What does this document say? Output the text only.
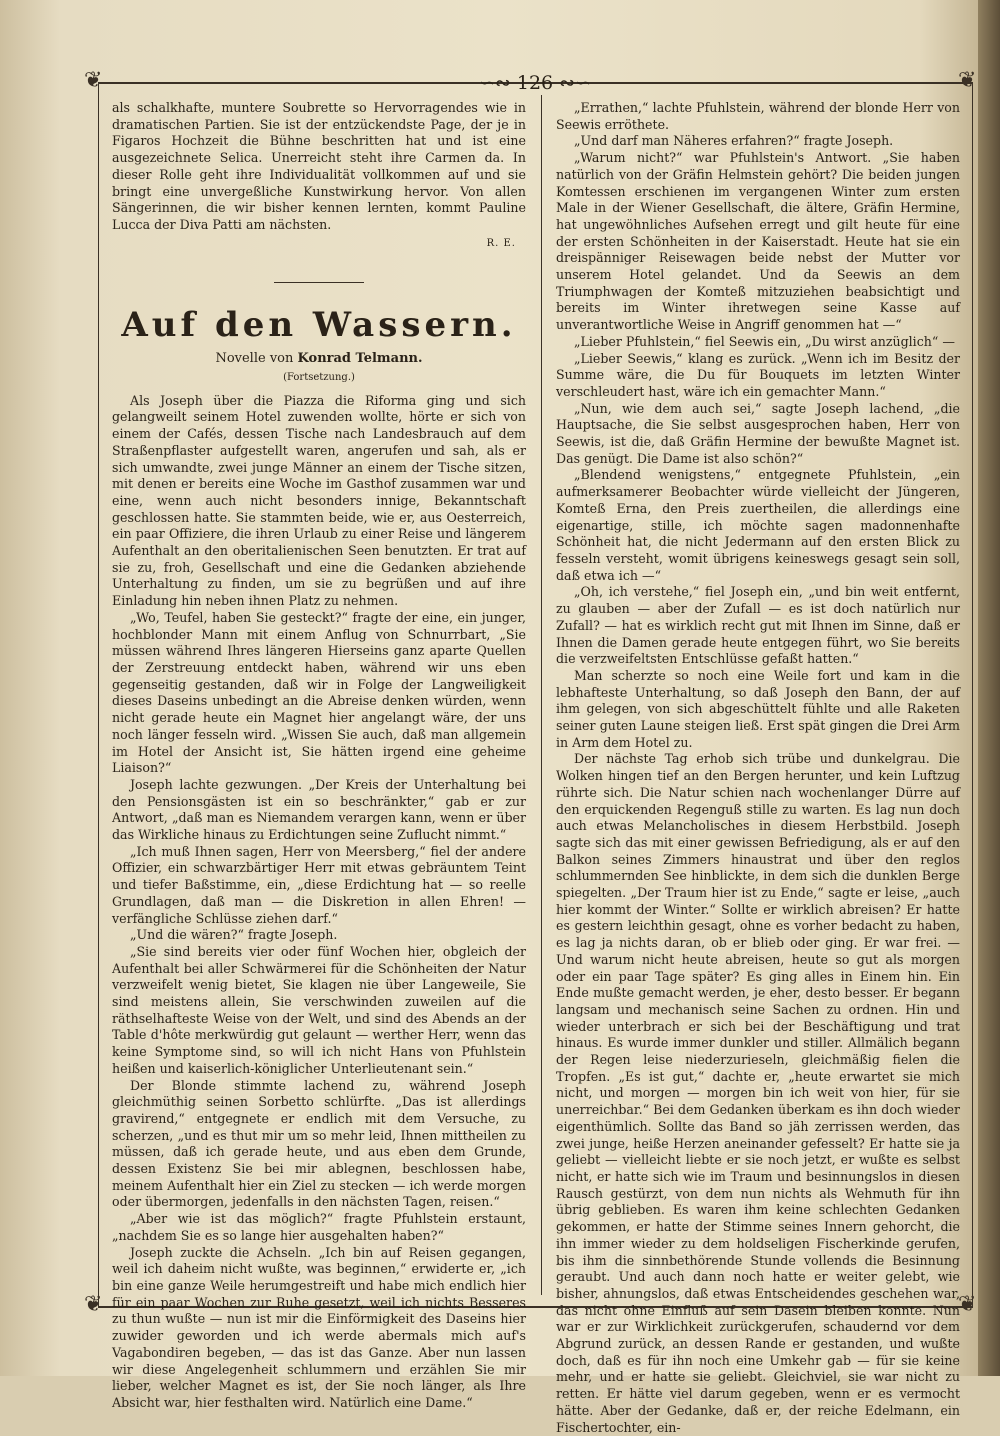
❦	❦
❦	❦
∽∾ 126 ∾∽

als schalkhafte, muntere Soubrette so Hervorragendes wie in dramatischen Partien. Sie ist der entzückendste Page, der je in Figaros Hochzeit die Bühne beschritten hat und ist eine ausgezeichnete Selica. Unerreicht steht ihre Carmen da. In dieser Rolle geht ihre Individualität vollkommen auf und sie bringt eine unvergeßliche Kunstwirkung hervor. Von allen Sängerinnen, die wir bisher kennen lernten, kommt Pauline Lucca der Diva Patti am nächsten.

R. E.
Auf den Wassern.
Novelle von Konrad Telmann.
(Fortsetzung.)

Als Joseph über die Piazza die Riforma ging und sich gelangweilt seinem Hotel zuwenden wollte, hörte er sich von einem der Cafés, dessen Tische nach Landesbrauch auf dem Straßenpflaster aufgestellt waren, angerufen und sah, als er sich umwandte, zwei junge Männer an einem der Tische sitzen, mit denen er bereits eine Woche im Gasthof zusammen war und eine, wenn auch nicht besonders innige, Bekanntschaft geschlossen hatte. Sie stammten beide, wie er, aus Oesterreich, ein paar Offiziere, die ihren Urlaub zu einer Reise und längerem Aufenthalt an den oberitalienischen Seen benutzten. Er trat auf sie zu, froh, Gesellschaft und eine die Gedanken abziehende Unterhaltung zu finden, um sie zu begrüßen und auf ihre Einladung hin neben ihnen Platz zu nehmen.

„Wo, Teufel, haben Sie gesteckt?“ fragte der eine, ein junger, hochblonder Mann mit einem Anflug von Schnurrbart, „Sie müssen während Ihres längeren Hierseins ganz aparte Quellen der Zerstreuung entdeckt haben, während wir uns eben gegenseitig gestanden, daß wir in Folge der Langweiligkeit dieses Daseins unbedingt an die Abreise denken würden, wenn nicht gerade heute ein Magnet hier angelangt wäre, der uns noch länger fesseln wird. „Wissen Sie auch, daß man allgemein im Hotel der Ansicht ist, Sie hätten irgend eine geheime Liaison?“

Joseph lachte gezwungen. „Der Kreis der Unterhaltung bei den Pensionsgästen ist ein so beschränkter,“ gab er zur Antwort, „daß man es Niemandem verargen kann, wenn er über das Wirkliche hinaus zu Erdichtungen seine Zuflucht nimmt.“

„Ich muß Ihnen sagen, Herr von Meersberg,“ fiel der andere Offizier, ein schwarzbärtiger Herr mit etwas gebräuntem Teint und tiefer Baßstimme, ein, „diese Erdichtung hat — so reelle Grundlagen, daß man — die Diskretion in allen Ehren! — verfängliche Schlüsse ziehen darf.“

„Und die wären?“ fragte Joseph.

„Sie sind bereits vier oder fünf Wochen hier, obgleich der Aufenthalt bei aller Schwärmerei für die Schönheiten der Natur verzweifelt wenig bietet, Sie klagen nie über Langeweile, Sie sind meistens allein, Sie verschwinden zuweilen auf die räthselhafteste Weise von der Welt, und sind des Abends an der Table d'hôte merkwürdig gut gelaunt — werther Herr, wenn das keine Symptome sind, so will ich nicht Hans von Pfuhlstein heißen und kaiserlich-königlicher Unterlieutenant sein.“

Der Blonde stimmte lachend zu, während Joseph gleichmüthig seinen Sorbetto schlürfte. „Das ist allerdings gravirend,“ entgegnete er endlich mit dem Versuche, zu scherzen, „und es thut mir um so mehr leid, Ihnen mittheilen zu müssen, daß ich gerade heute, und aus eben dem Grunde, dessen Existenz Sie bei mir ablegnen, beschlossen habe, meinem Aufenthalt hier ein Ziel zu stecken — ich werde morgen oder übermorgen, jedenfalls in den nächsten Tagen, reisen.“

„Aber wie ist das möglich?“ fragte Pfuhlstein erstaunt, „nachdem Sie es so lange hier ausgehalten haben?“

Joseph zuckte die Achseln. „Ich bin auf Reisen gegangen, weil ich daheim nicht wußte, was beginnen,“ erwiderte er, „ich bin eine ganze Weile herumgestreift und habe mich endlich hier für ein paar Wochen zur Ruhe gesetzt, weil ich nichts Besseres zu thun wußte — nun ist mir die Einförmigkeit des Daseins hier zuwider geworden und ich werde abermals mich auf's Vagabondiren begeben, — das ist das Ganze. Aber nun lassen wir diese Angelegenheit schlummern und erzählen Sie mir lieber, welcher Magnet es ist, der Sie noch länger, als Ihre Absicht war, hier festhalten wird. Natürlich eine Dame.“

„Errathen,“ lachte Pfuhlstein, während der blonde Herr von Seewis erröthete.

„Und darf man Näheres erfahren?“ fragte Joseph.

„Warum nicht?“ war Pfuhlstein's Antwort. „Sie haben natürlich von der Gräfin Helmstein gehört? Die beiden jungen Komtessen erschienen im vergangenen Winter zum ersten Male in der Wiener Gesellschaft, die ältere, Gräfin Hermine, hat ungewöhnliches Aufsehen erregt und gilt heute für eine der ersten Schönheiten in der Kaiserstadt. Heute hat sie ein dreispänniger Reisewagen beide nebst der Mutter vor unserem Hotel gelandet. Und da Seewis an dem Triumphwagen der Komteß mitzuziehen beabsichtigt und bereits im Winter ihretwegen seine Kasse auf unverantwortliche Weise in Angriff genommen hat —“

„Lieber Pfuhlstein,“ fiel Seewis ein, „Du wirst anzüglich“ —

„Lieber Seewis,“ klang es zurück. „Wenn ich im Besitz der Summe wäre, die Du für Bouquets im letzten Winter verschleudert hast, wäre ich ein gemachter Mann.“

„Nun, wie dem auch sei,“ sagte Joseph lachend, „die Hauptsache, die Sie selbst ausgesprochen haben, Herr von Seewis, ist die, daß Gräfin Hermine der bewußte Magnet ist. Das genügt. Die Dame ist also schön?“

„Blendend wenigstens,“ entgegnete Pfuhlstein, „ein aufmerksamerer Beobachter würde vielleicht der Jüngeren, Komteß Erna, den Preis zuertheilen, die allerdings eine eigenartige, stille, ich möchte sagen madonnenhafte Schönheit hat, die nicht Jedermann auf den ersten Blick zu fesseln versteht, womit übrigens keineswegs gesagt sein soll, daß etwa ich —“

„Oh, ich verstehe,“ fiel Joseph ein, „und bin weit entfernt, zu glauben — aber der Zufall — es ist doch natürlich nur Zufall? — hat es wirklich recht gut mit Ihnen im Sinne, daß er Ihnen die Damen gerade heute entgegen führt, wo Sie bereits die verzweifeltsten Entschlüsse gefaßt hatten.“

Man scherzte so noch eine Weile fort und kam in die lebhafteste Unterhaltung, so daß Joseph den Bann, der auf ihm gelegen, von sich abgeschüttelt fühlte und alle Raketen seiner guten Laune steigen ließ. Erst spät gingen die Drei Arm in Arm dem Hotel zu.

Der nächste Tag erhob sich trübe und dunkelgrau. Die Wolken hingen tief an den Bergen herunter, und kein Luftzug rührte sich. Die Natur schien nach wochenlanger Dürre auf den erquickenden Regenguß stille zu warten. Es lag nun doch auch etwas Melancholisches in diesem Herbstbild. Joseph sagte sich das mit einer gewissen Befriedigung, als er auf den Balkon seines Zimmers hinaustrat und über den reglos schlummernden See hinblickte, in dem sich die dunklen Berge spiegelten. „Der Traum hier ist zu Ende,“ sagte er leise, „auch hier kommt der Winter.“ Sollte er wirklich abreisen? Er hatte es gestern leichthin gesagt, ohne es vorher bedacht zu haben, es lag ja nichts daran, ob er blieb oder ging. Er war frei. — Und warum nicht heute abreisen, heute so gut als morgen oder ein paar Tage später? Es ging alles in Einem hin. Ein Ende mußte gemacht werden, je eher, desto besser. Er begann langsam und mechanisch seine Sachen zu ordnen. Hin und wieder unterbrach er sich bei der Beschäftigung und trat hinaus. Es wurde immer dunkler und stiller. Allmälich begann der Regen leise niederzurieseln, gleichmäßig fielen die Tropfen. „Es ist gut,“ dachte er, „heute erwartet sie mich nicht, und morgen — morgen bin ich weit von hier, für sie unerreichbar.“ Bei dem Gedanken überkam es ihn doch wieder eigenthümlich. Sollte das Band so jäh zerrissen werden, das zwei junge, heiße Herzen aneinander gefesselt? Er hatte sie ja geliebt — vielleicht liebte er sie noch jetzt, er wußte es selbst nicht, er hatte sich wie im Traum und besinnungslos in diesen Rausch gestürzt, von dem nun nichts als Wehmuth für ihn übrig geblieben. Es waren ihm keine schlechten Gedanken gekommen, er hatte der Stimme seines Innern gehorcht, die ihn immer wieder zu dem holdseligen Fischerkinde gerufen, bis ihm die sinnbethörende Stunde vollends die Besinnung geraubt. Und auch dann noch hatte er weiter gelebt, wie bisher, ahnungslos, daß etwas Entscheidendes geschehen war, das nicht ohne Einfluß auf sein Dasein bleiben konnte. Nun war er zur Wirklichkeit zurückgerufen, schaudernd vor dem Abgrund zurück, an dessen Rande er gestanden, und wußte doch, daß es für ihn noch eine Umkehr gab — für sie keine mehr, und er hatte sie geliebt. Gleichviel, sie war nicht zu retten. Er hätte viel darum gegeben, wenn er es vermocht hätte. Aber der Gedanke, daß er, der reiche Edelmann, ein Fischertochter, ein-
